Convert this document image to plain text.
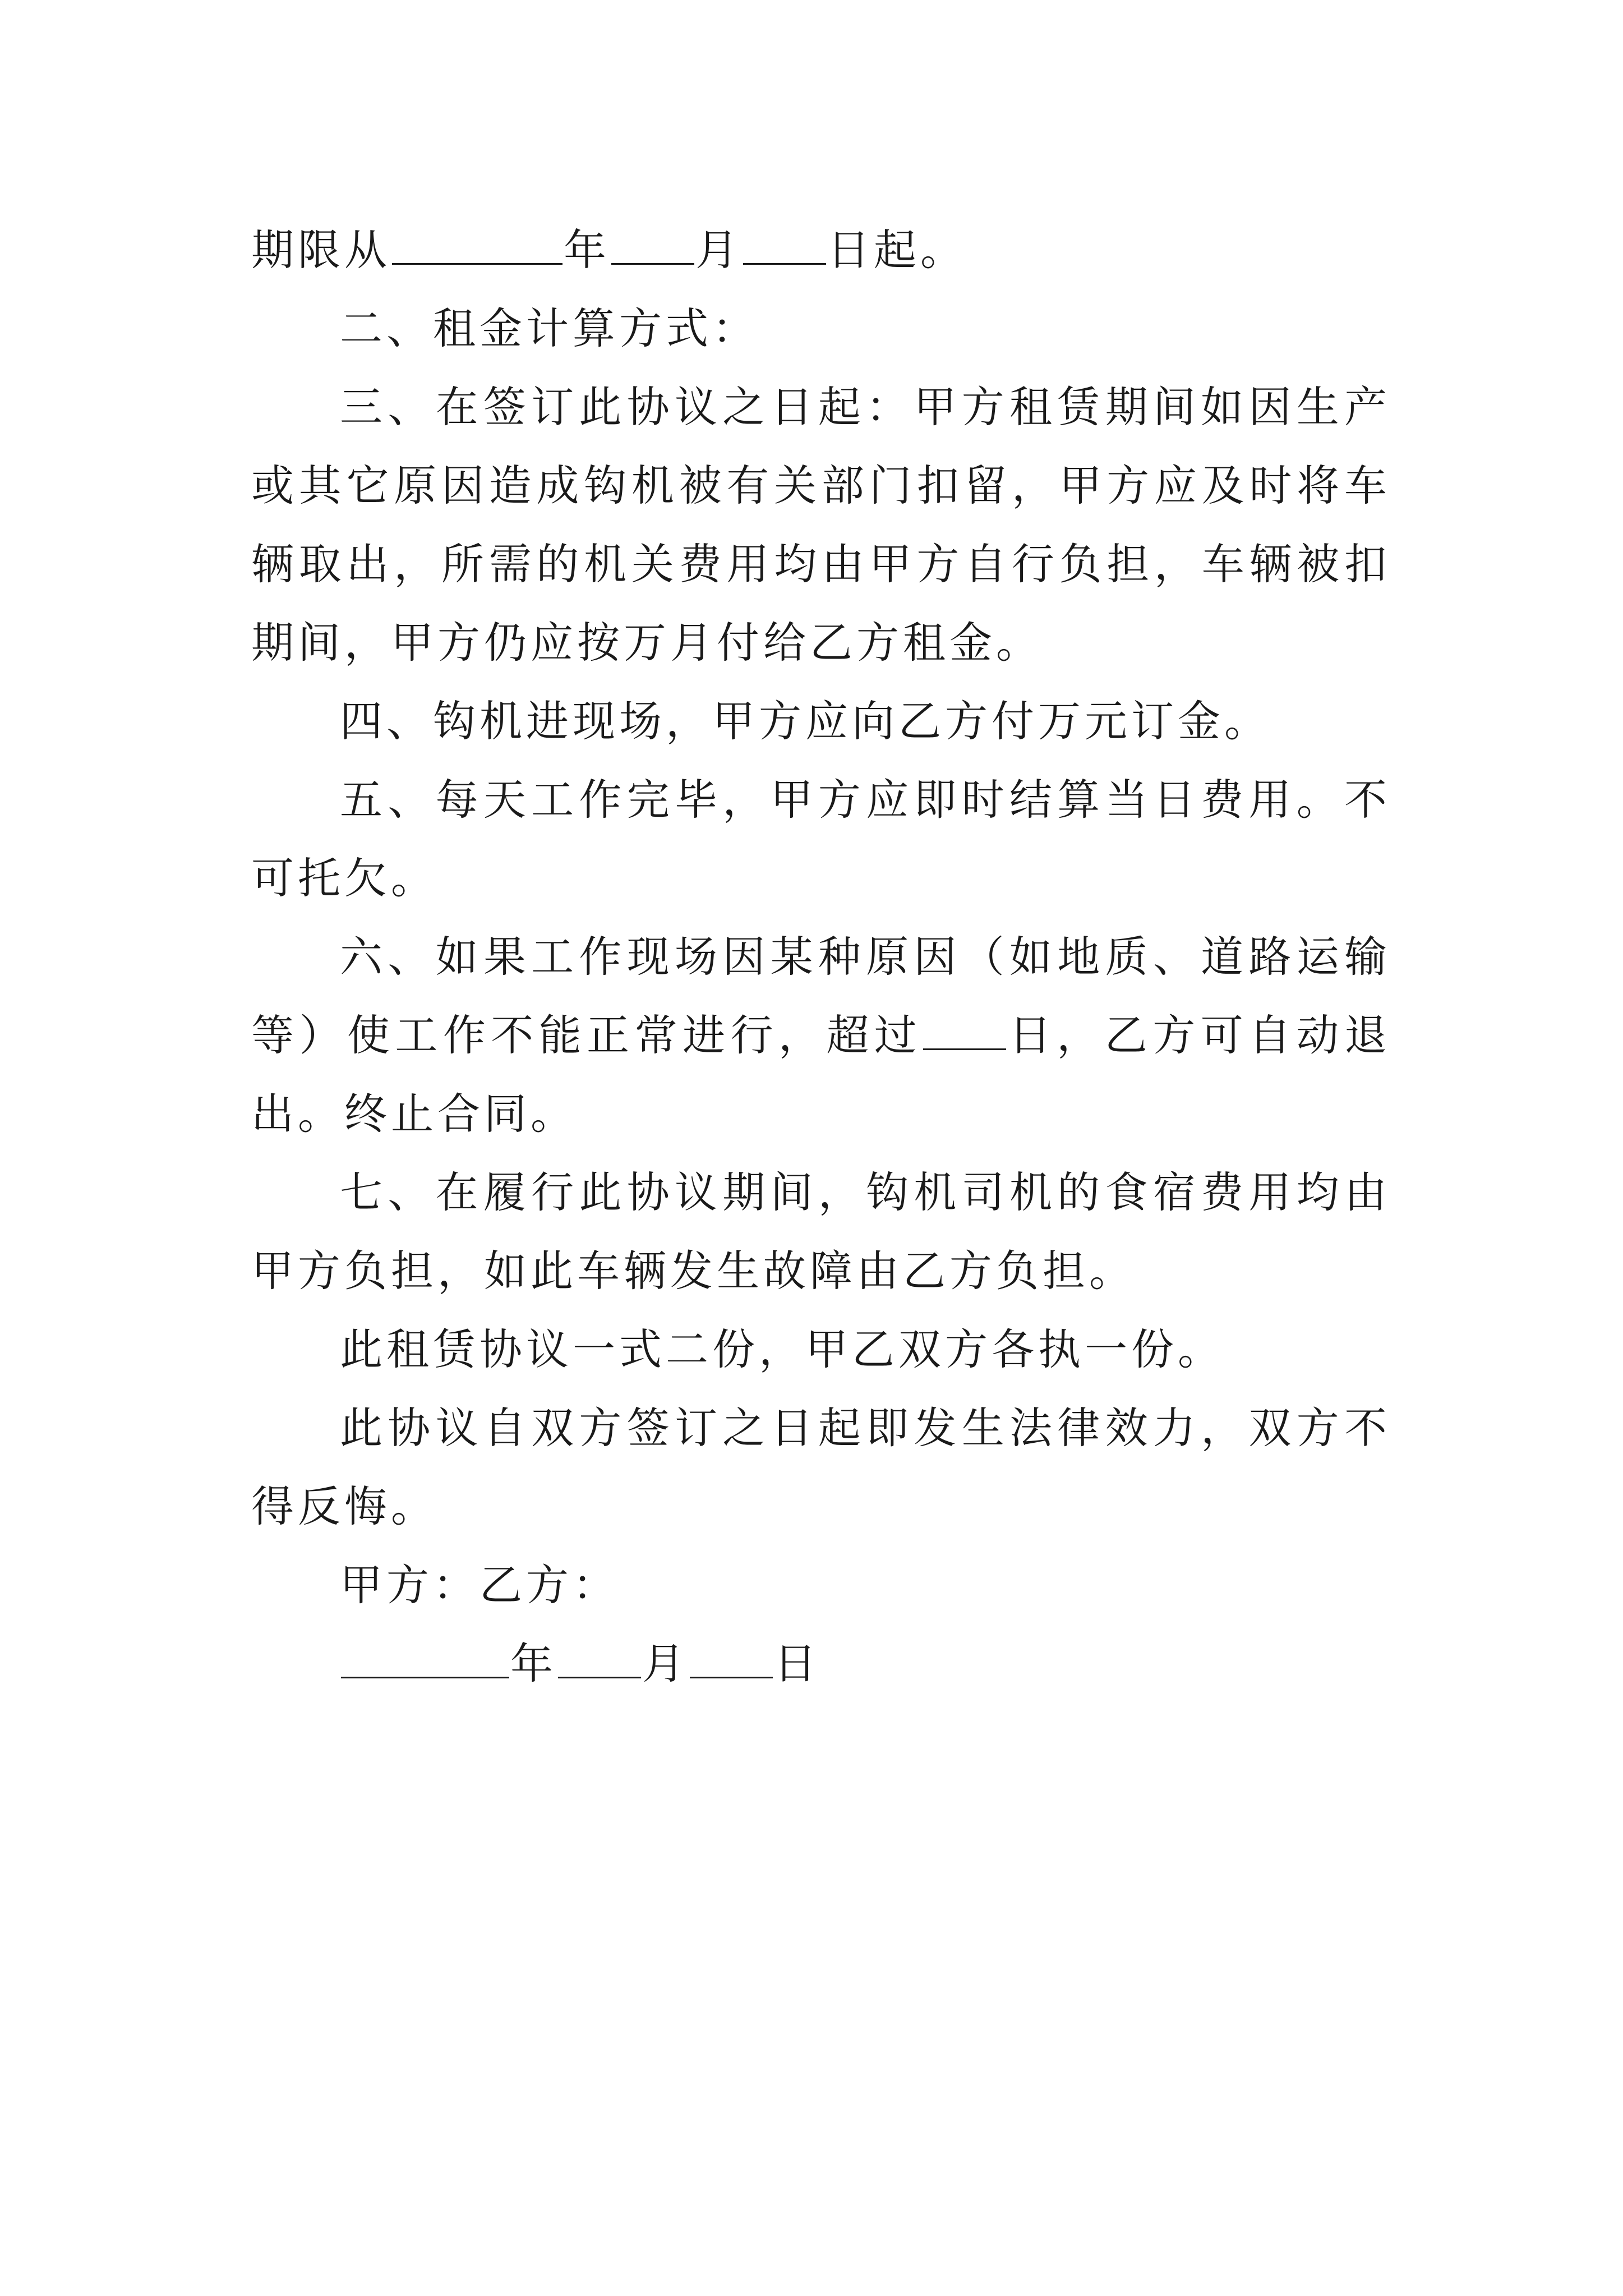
期限从	年 月 日起。

二、租金计算方式：

三、在签订此协议之日起：甲方租赁期间如因生产或其它原因造成钩机被有关部门扣留，甲方应及时将车辆取出，所需的机关费用均由甲方自行负担，车辆被扣期间，甲方仍应按万月付给乙方租金。

四、钩机进现场，甲方应向乙方付万元订金。

五、每天工作完毕，甲方应即时结算当日费用。不可托欠。

六、如果工作现场因某种原因（如地质、道路运输等）使工作不能正常进行，超过 日，乙方可自动退出。终止合同。

七、在履行此协议期间，钩机司机的食宿费用均由甲方负担，如此车辆发生故障由乙方负担。

此租赁协议一式二份，甲乙双方各执一份。

此协议自双方签订之日起即发生法律效力，双方不得反悔。

甲方：乙方：

年 月 日
